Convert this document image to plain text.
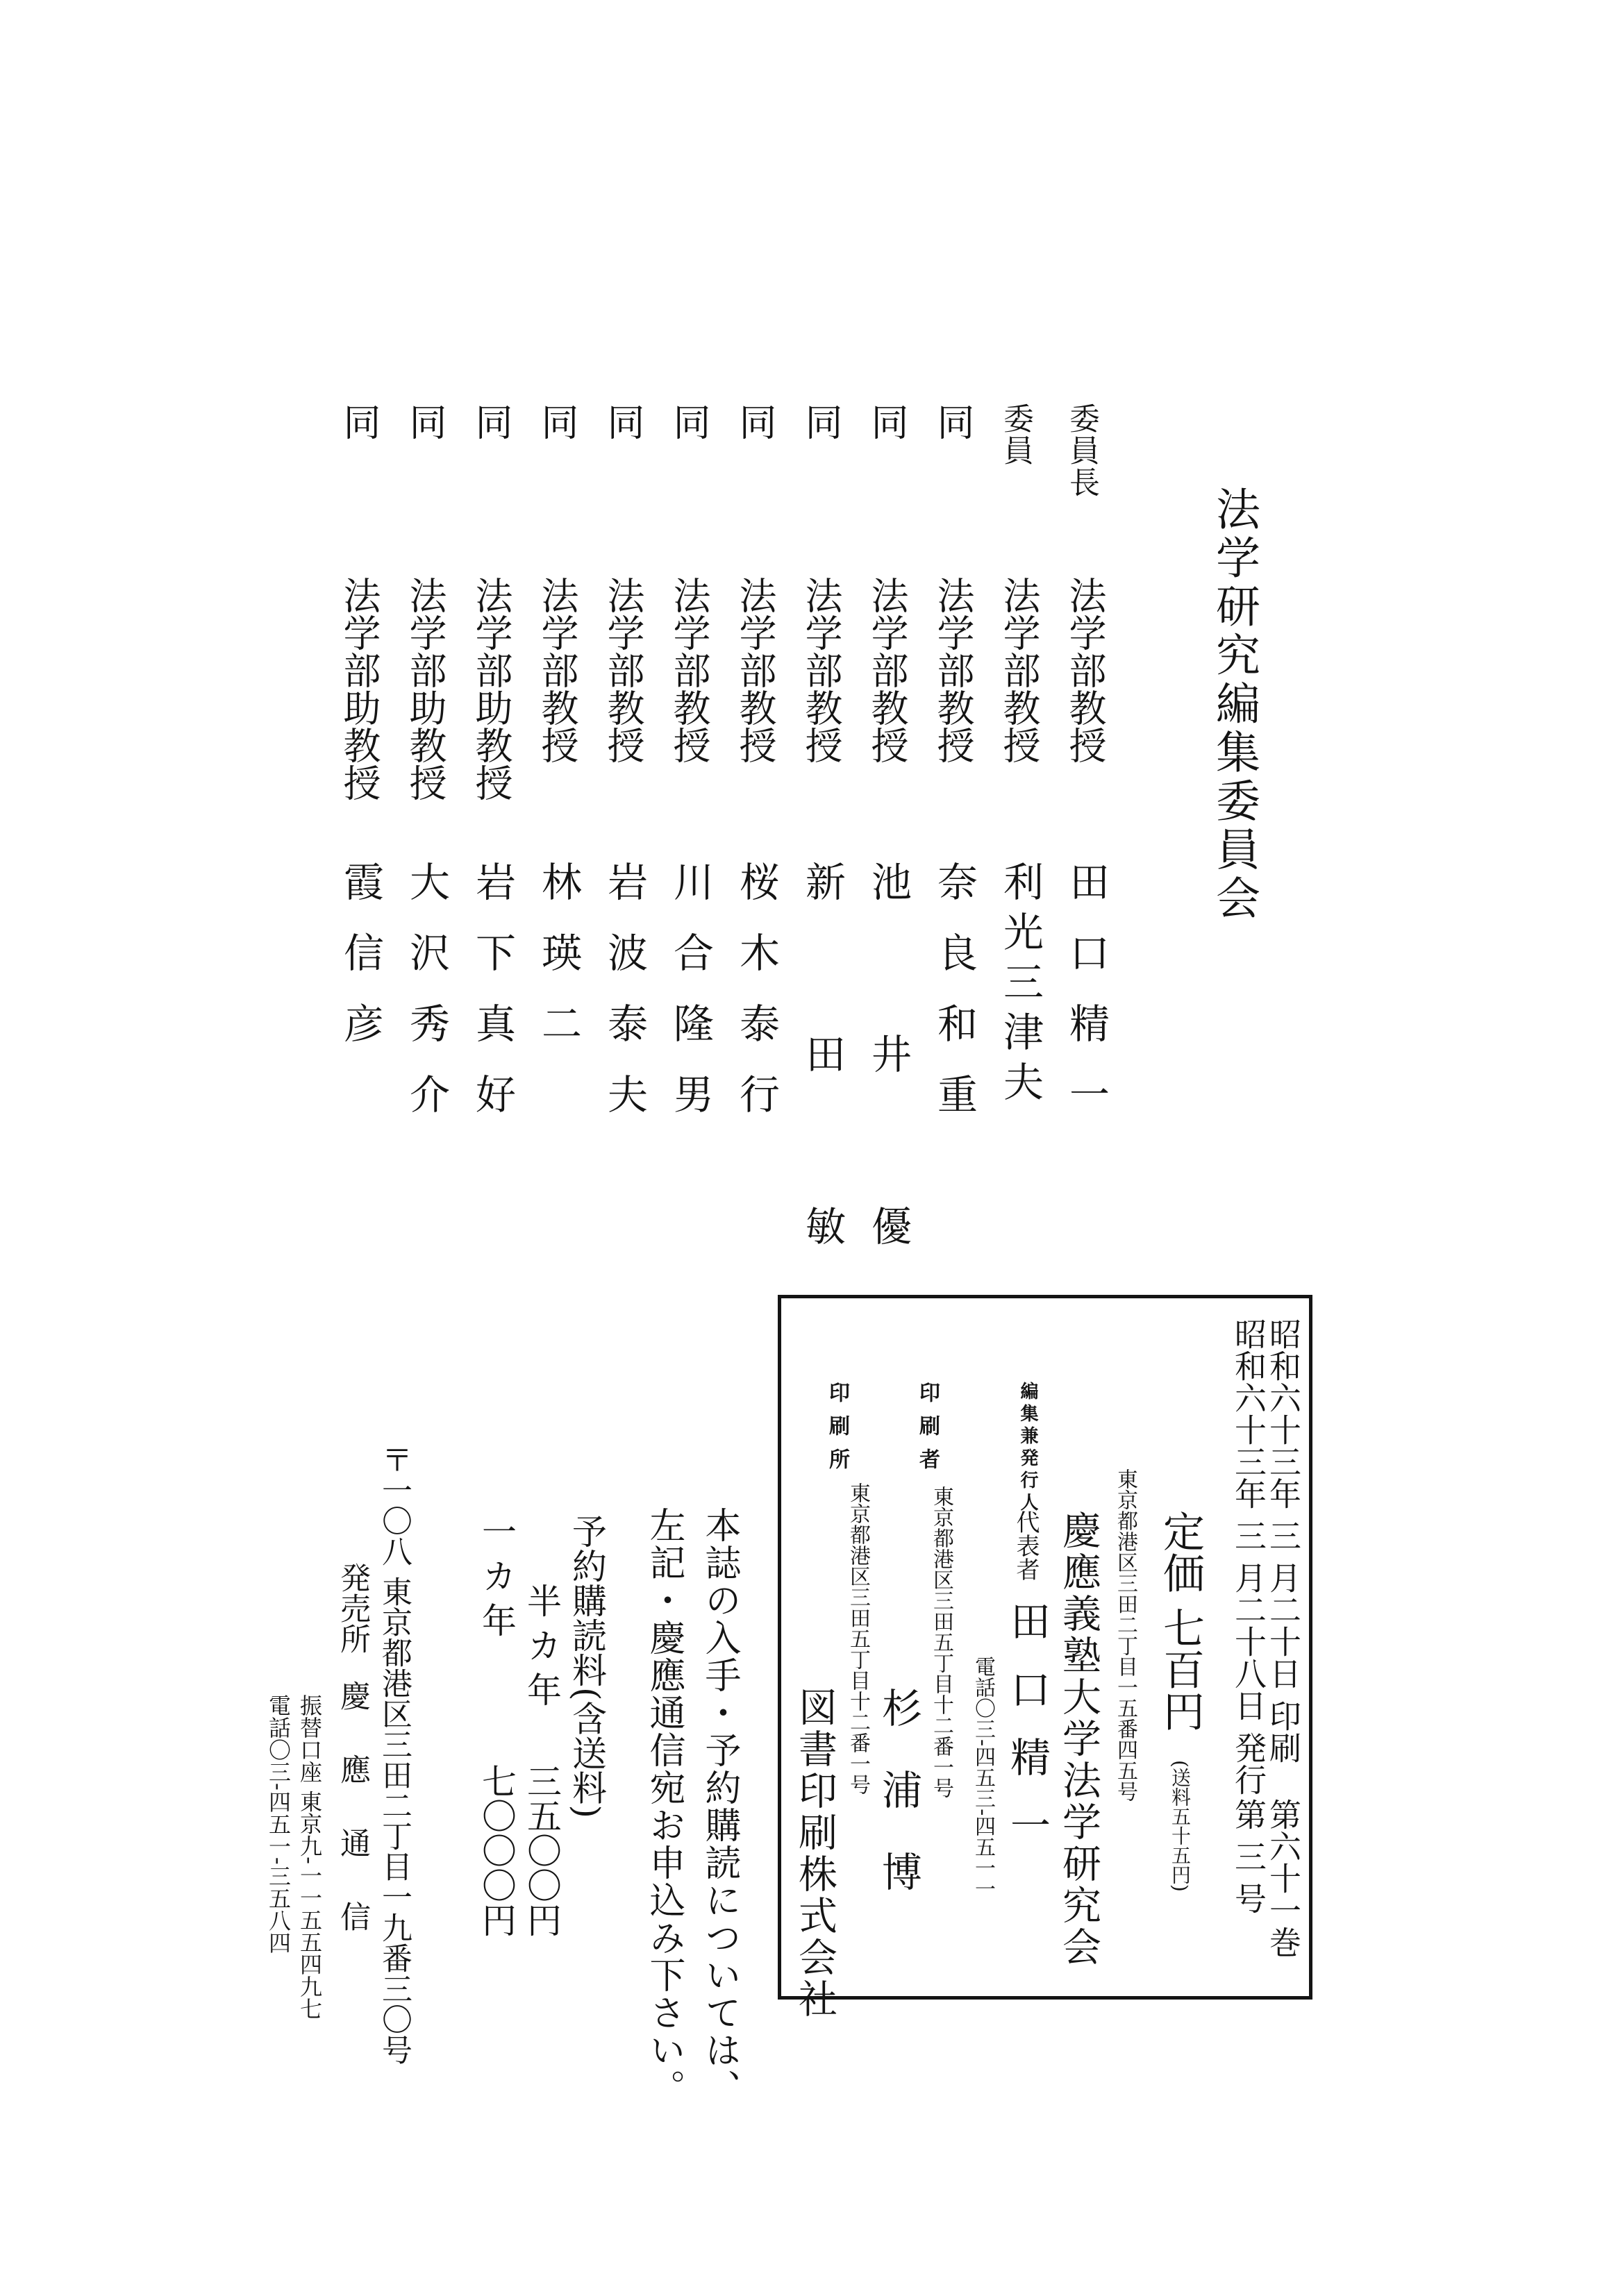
法学研究編集委員会
委員長
法学部教授
田口精一
委員
法学部教授
利光三津夫
同
法学部教授
奈良和重
同
法学部教授
池井優
同
法学部教授
新田敏
同
法学部教授
桜木泰行
同
法学部教授
川合隆男
同
法学部教授
岩波泰夫
同
法学部教授
林瑛二
同
法学部助教授
岩下真好
同
法学部助教授
大沢秀介
同
法学部助教授
霞信彦
昭和六十三年 三 月二十日 印刷
昭和六十三年 三 月二十八日 発行
第六十一巻
第 三 号
定価 七百円
(送料五十五円)
編集兼発行人
東京都港区三田二丁目一五番四五号
慶應義塾大学法学研究会
代表者
田口精一
電話〇三-四五三-四五一一
印刷者
東京都港区三田五丁目十二番一号
杉浦博
印刷所
東京都港区三田五丁目十二番一号
図書印刷株式会社
本誌の入手・予約購読については、
左記・慶應通信宛お申込み下さい。
予約購読料(含送料)
半カ年
三五〇〇円
一カ年
七〇〇〇円
〒一〇八 東京都港区三田二丁目一九番三〇号
発売所
慶 應 通 信
振替口座 東京九-一一五五四九七
電話〇三-四五一-三五八四
